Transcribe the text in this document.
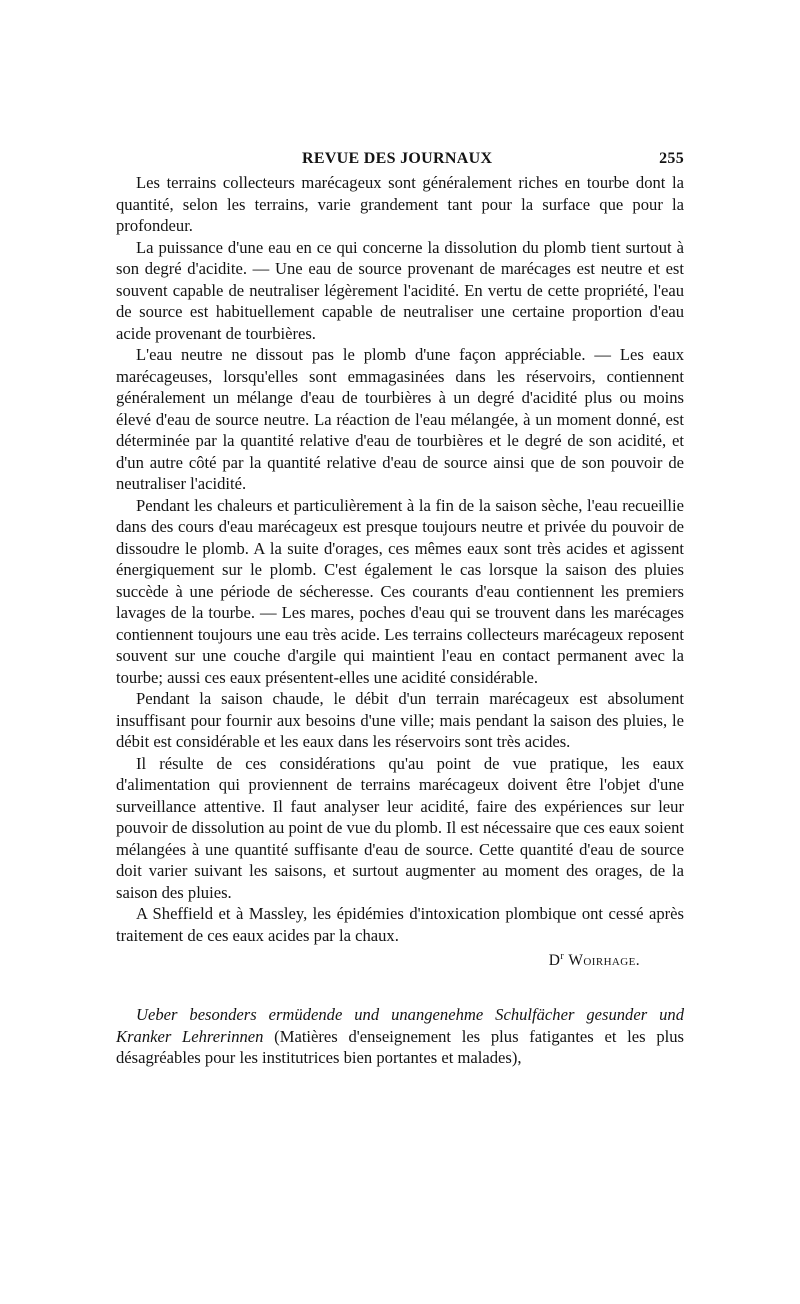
REVUE DES JOURNAUX	255

Les terrains collecteurs marécageux sont généralement riches en tourbe dont la quantité, selon les terrains, varie grandement tant pour la surface que pour la profondeur.

La puissance d'une eau en ce qui concerne la dissolution du plomb tient surtout à son degré d'acidite. — Une eau de source provenant de marécages est neutre et est souvent capable de neutraliser légèrement l'acidité. En vertu de cette propriété, l'eau de source est habituellement capable de neutraliser une certaine proportion d'eau acide provenant de tourbières.

L'eau neutre ne dissout pas le plomb d'une façon appréciable. — Les eaux marécageuses, lorsqu'elles sont emmagasinées dans les réservoirs, contiennent généralement un mélange d'eau de tourbières à un degré d'acidité plus ou moins élevé d'eau de source neutre. La réaction de l'eau mélangée, à un moment donné, est déterminée par la quantité relative d'eau de tourbières et le degré de son acidité, et d'un autre côté par la quantité relative d'eau de source ainsi que de son pouvoir de neutraliser l'acidité.

Pendant les chaleurs et particulièrement à la fin de la saison sèche, l'eau recueillie dans des cours d'eau marécageux est presque toujours neutre et privée du pouvoir de dissoudre le plomb. A la suite d'orages, ces mêmes eaux sont très acides et agissent énergiquement sur le plomb. C'est également le cas lorsque la saison des pluies succède à une période de sécheresse. Ces courants d'eau contiennent les premiers lavages de la tourbe. — Les mares, poches d'eau qui se trouvent dans les marécages contiennent toujours une eau très acide. Les terrains collecteurs marécageux reposent souvent sur une couche d'argile qui maintient l'eau en contact permanent avec la tourbe; aussi ces eaux présentent-elles une acidité considérable.

Pendant la saison chaude, le débit d'un terrain marécageux est absolument insuffisant pour fournir aux besoins d'une ville; mais pendant la saison des pluies, le débit est considérable et les eaux dans les réservoirs sont très acides.

Il résulte de ces considérations qu'au point de vue pratique, les eaux d'alimentation qui proviennent de terrains marécageux doivent être l'objet d'une surveillance attentive. Il faut analyser leur acidité, faire des expériences sur leur pouvoir de dissolution au point de vue du plomb. Il est nécessaire que ces eaux soient mélangées à une quantité suffisante d'eau de source. Cette quantité d'eau de source doit varier suivant les saisons, et surtout augmenter au moment des orages, de la saison des pluies.

A Sheffield et à Massley, les épidémies d'intoxication plombique ont cessé après traitement de ces eaux acides par la chaux.

$D^r$ Woirhage.
Ueber besonders ermüdende und unangenehme Schulfächer gesunder und Kranker Lehrerinnen (Matières d'enseignement les plus fatigantes et les plus désagréables pour les institutrices bien portantes et malades),
